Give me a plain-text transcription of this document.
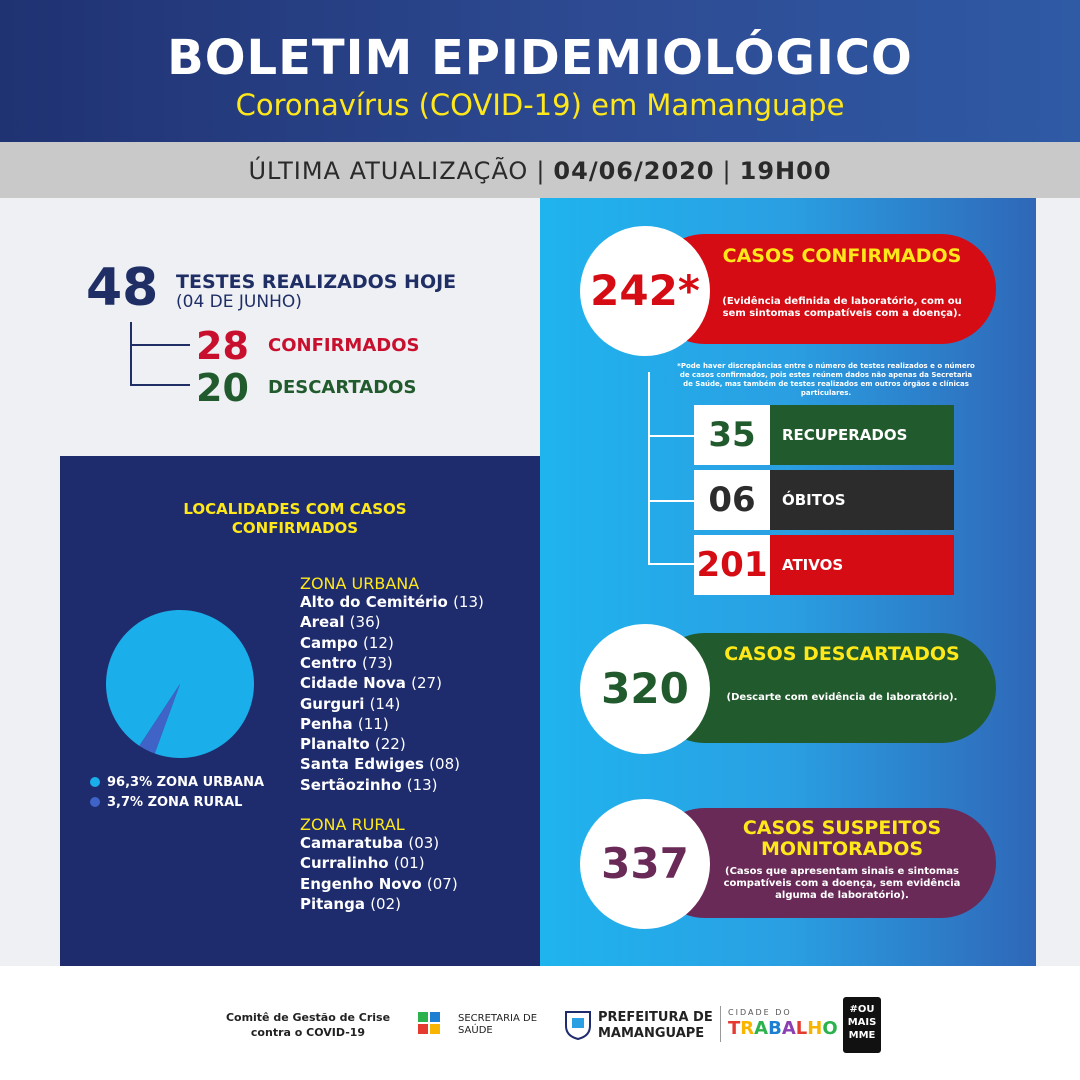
BOLETIM EPIDEMIOLÓGICO
Coronavírus (COVID-19) em Mamanguape
ÚLTIMA ATUALIZAÇÃO | 04/06/2020 | 19H00
48 TESTES REALIZADOS HOJE
(04 DE JUNHO)
28 CONFIRMADOS
20 DESCARTADOS
LOCALIDADES COM CASOS CONFIRMADOS
96,3% ZONA URBANA
3,7% ZONA RURAL
ZONA URBANA
Alto do Cemitério (13)
Areal (36)
Campo (12)
Centro (73)
Cidade Nova (27)
Gurguri (14)
Penha (11)
Planalto (22)
Santa Edwiges (08)
Sertãozinho (13)
ZONA RURAL
Camaratuba (03)
Curralinho (01)
Engenho Novo (07)
Pitanga (02)
242*
CASOS CONFIRMADOS
(Evidência definida de laboratório, com ou sem sintomas compatíveis com a doença).
*Pode haver discrepâncias entre o número de testes realizados e o número de casos confirmados, pois estes reúnem dados não apenas da Secretaria de Saúde, mas também de testes realizados em outros órgãos e clínicas particulares.
35	RECUPERADOS
06	ÓBITOS
201 ATIVOS
320
CASOS DESCARTADOS
(Descarte com evidência de laboratório).
337
CASOS SUSPEITOS MONITORADOS
(Casos que apresentam sinais e sintomas compatíveis com a doença, sem evidência alguma de laboratório).
Comitê de Gestão de Crise contra o COVID-19
SECRETARIA DE
SAÚDE
PREFEITURA DE
MAMANGUAPE
CIDADE DO
TRABALHO
#OU
MAIS
MME
